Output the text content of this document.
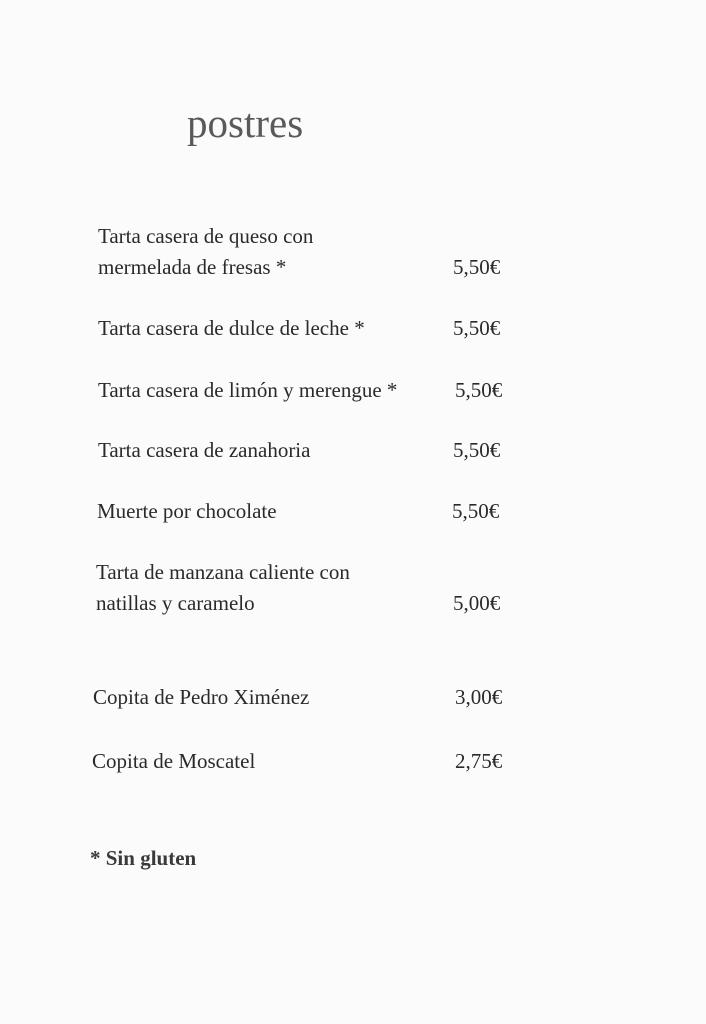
postres
Tarta casera de queso con
mermelada de fresas *	5,50€
Tarta casera de dulce de leche *	5,50€
Tarta casera de limón y merengue *	5,50€
Tarta casera de zanahoria	5,50€
Muerte por chocolate	5,50€
Tarta de manzana caliente con
natillas y caramelo	5,00€
Copita de Pedro Ximénez	3,00€
Copita de Moscatel	2,75€
* Sin gluten
